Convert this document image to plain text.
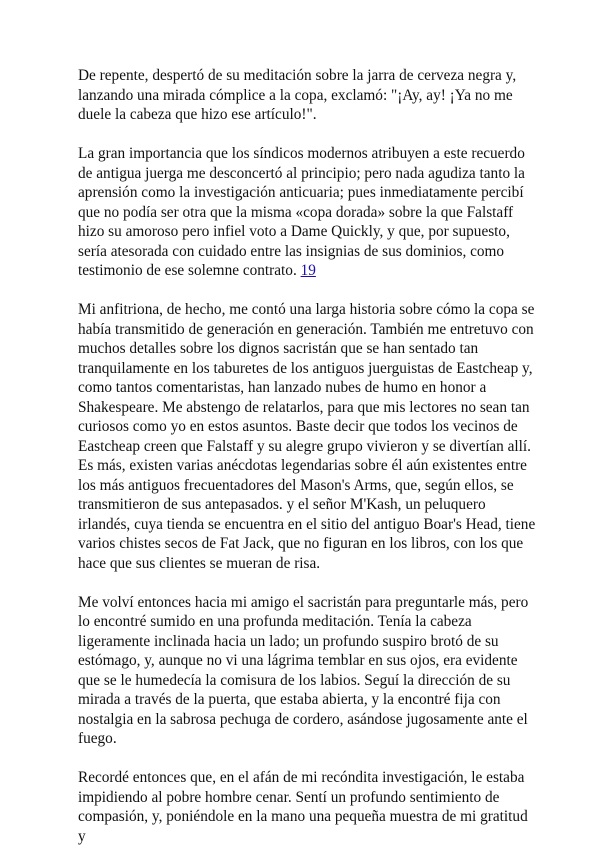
De repente, despertó de su meditación sobre la jarra de cerveza negra y, lanzando una mirada cómplice a la copa, exclamó: "¡Ay, ay! ¡Ya no me duele la cabeza que hizo ese artículo!".

La gran importancia que los síndicos modernos atribuyen a este recuerdo de antigua juerga me desconcertó al principio; pero nada agudiza tanto la aprensión como la investigación anticuaria; pues inmediatamente percibí que no podía ser otra que la misma «copa dorada» sobre la que Falstaff hizo su amoroso pero infiel voto a Dame Quickly, y que, por supuesto, sería atesorada con cuidado entre las insignias de sus dominios, como testimonio de ese solemne contrato. 19

Mi anfitriona, de hecho, me contó una larga historia sobre cómo la copa se había transmitido de generación en generación. También me entretuvo con muchos detalles sobre los dignos sacristán que se han sentado tan tranquilamente en los taburetes de los antiguos juerguistas de Eastcheap y, como tantos comentaristas, han lanzado nubes de humo en honor a Shakespeare. Me abstengo de relatarlos, para que mis lectores no sean tan curiosos como yo en estos asuntos. Baste decir que todos los vecinos de Eastcheap creen que Falstaff y su alegre grupo vivieron y se divertían allí. Es más, existen varias anécdotas legendarias sobre él aún existentes entre los más antiguos frecuentadores del Mason's Arms, que, según ellos, se transmitieron de sus antepasados. y el señor M'Kash, un peluquero irlandés, cuya tienda se encuentra en el sitio del antiguo Boar's Head, tiene varios chistes secos de Fat Jack, que no figuran en los libros, con los que hace que sus clientes se mueran de risa.

Me volví entonces hacia mi amigo el sacristán para preguntarle más, pero lo encontré sumido en una profunda meditación. Tenía la cabeza ligeramente inclinada hacia un lado; un profundo suspiro brotó de su estómago, y, aunque no vi una lágrima temblar en sus ojos, era evidente que se le humedecía la comisura de los labios. Seguí la dirección de su mirada a través de la puerta, que estaba abierta, y la encontré fija con nostalgia en la sabrosa pechuga de cordero, asándose jugosamente ante el fuego.

Recordé entonces que, en el afán de mi recóndita investigación, le estaba impidiendo al pobre hombre cenar. Sentí un profundo sentimiento de compasión, y, poniéndole en la mano una pequeña muestra de mi gratitud y
